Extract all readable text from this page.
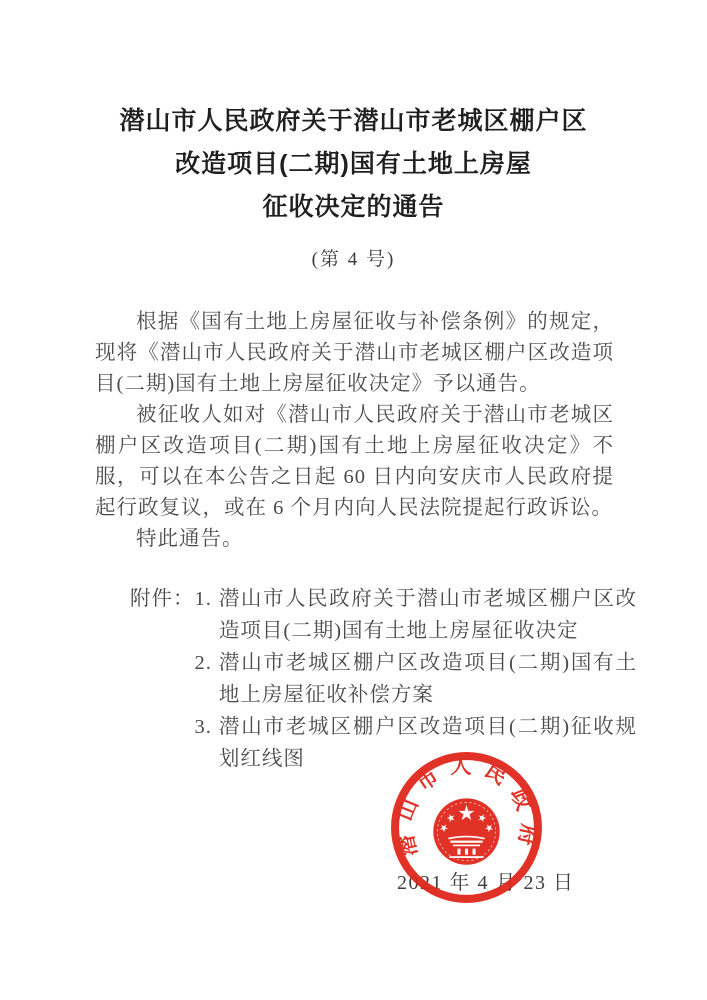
潜山市人民政府关于潜山市老城区棚户区
改造项目(二期)国有土地上房屋
征收决定的通告
(第 4 号)

根据《国有土地上房屋征收与补偿条例》的规定，现将《潜山市人民政府关于潜山市老城区棚户区改造项目(二期)国有土地上房屋征收决定》予以通告。

被征收人如对《潜山市人民政府关于潜山市老城区棚户区改造项目(二期)国有土地上房屋征收决定》不服，可以在本公告之日起 60 日内向安庆市人民政府提起行政复议，或在 6 个月内向人民法院提起行政诉讼。

特此通告。

附件： 1. 潜山市人民政府关于潜山市老城区棚户区改造项目(二期)国有土地上房屋征收决定
2. 潜山市老城区棚户区改造项目(二期)国有土地上房屋征收补偿方案
3. 潜山市老城区棚户区改造项目(二期)征收规划红线图
2021 年 4 月 23 日
潜山市人民政府
